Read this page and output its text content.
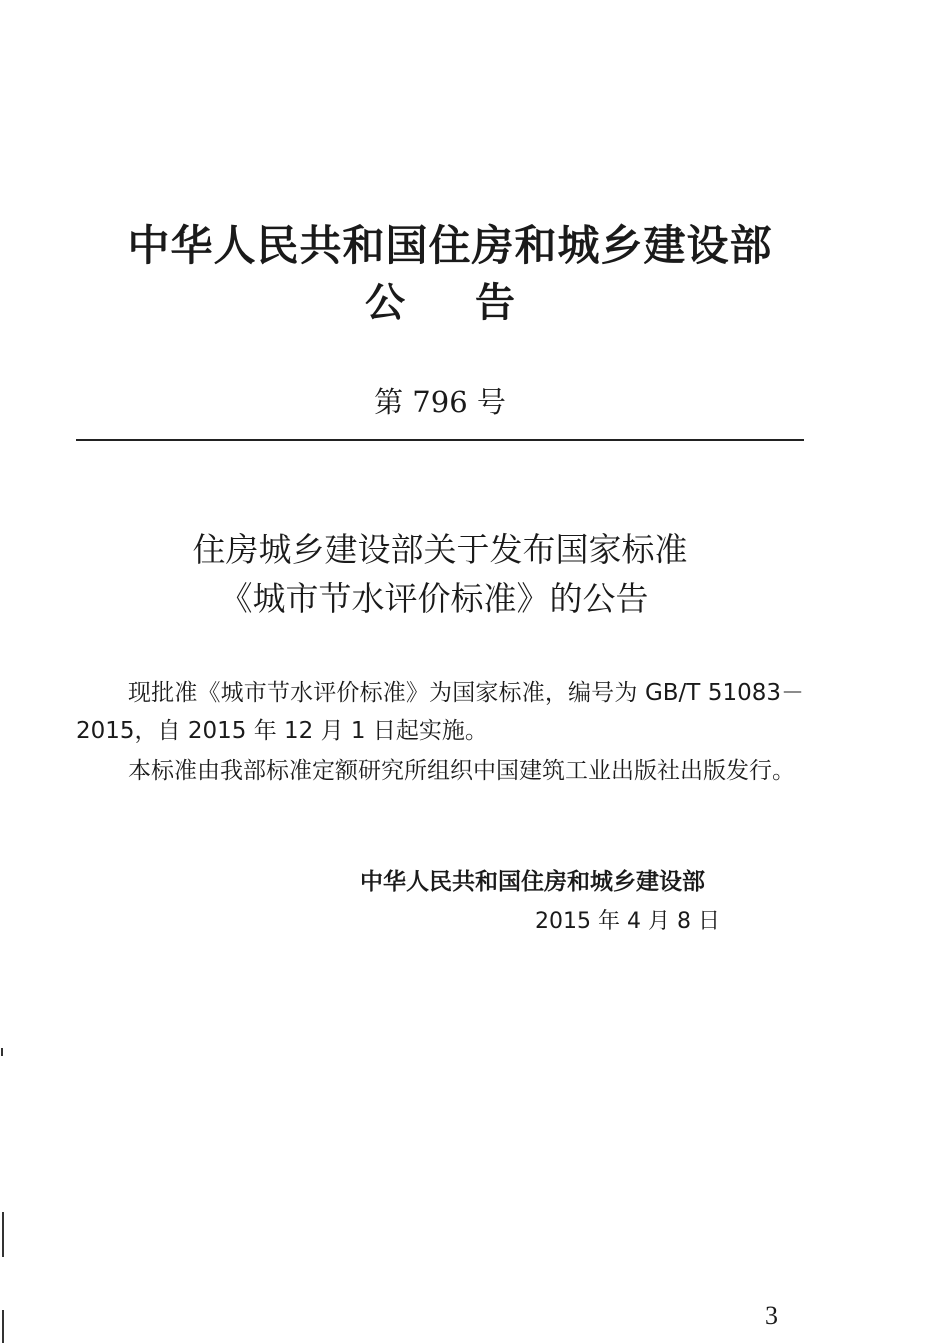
中华人民共和国住房和城乡建设部
公告
第 796 号
住房城乡建设部关于发布国家标准
《城市节水评价标准》的公告
现批准《城市节水评价标准》为国家标准，编号为 GB/T 51083－2015，自 2015 年 12 月 1 日起实施。
本标准由我部标准定额研究所组织中国建筑工业出版社出版发行。
中华人民共和国住房和城乡建设部
2015 年 4 月 8 日
3
